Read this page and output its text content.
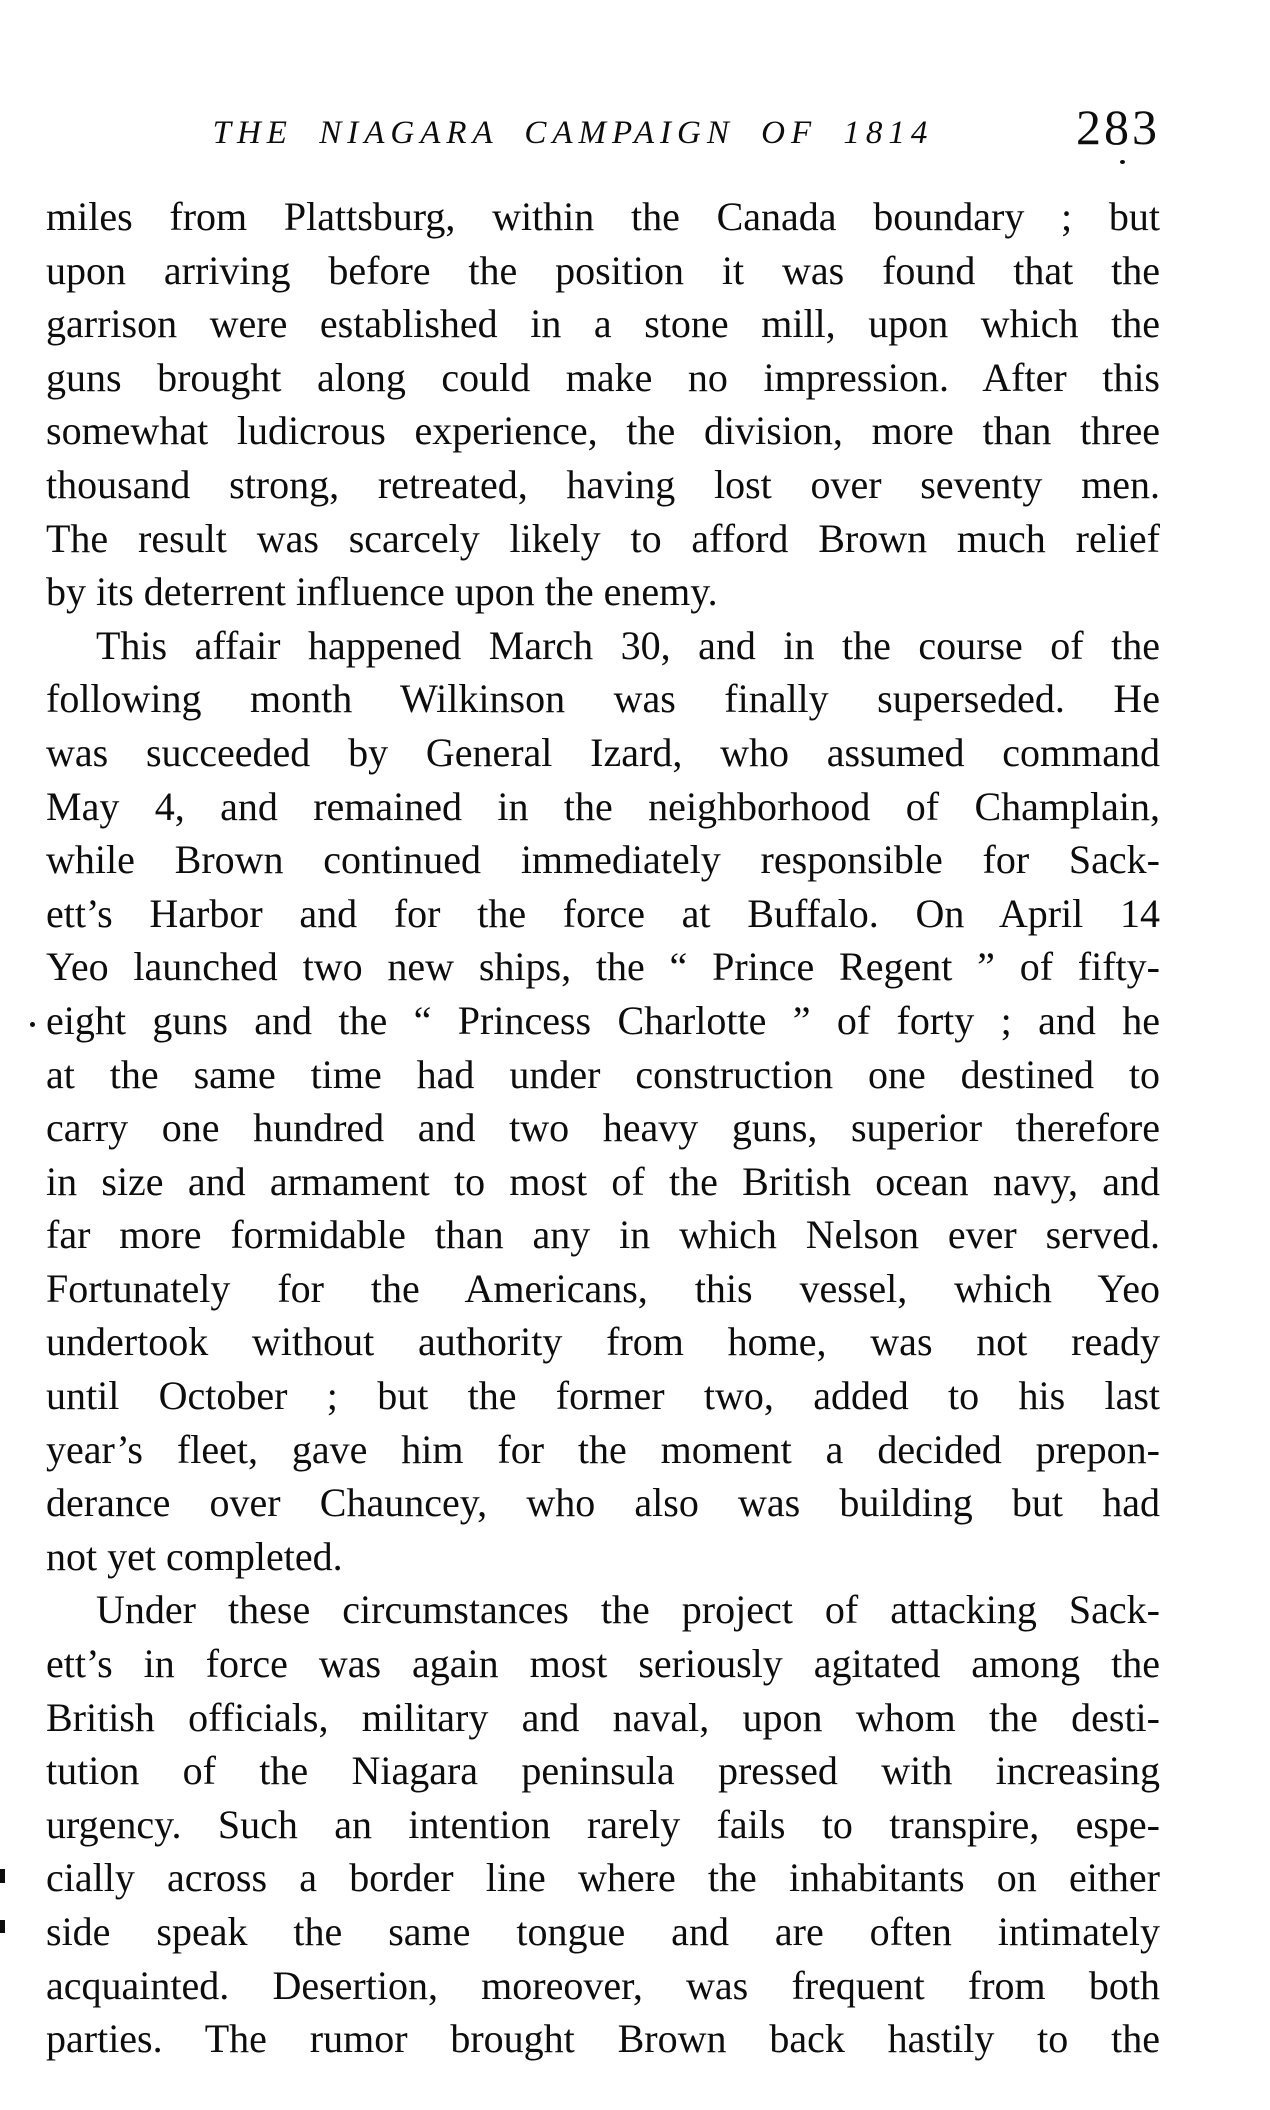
THE NIAGARA CAMPAIGN OF 1814	283
miles from Plattsburg, within the Canada boundary ; but
upon arriving before the position it was found that the
garrison were established in a stone mill, upon which the
guns brought along could make no impression. After this
somewhat ludicrous experience, the division, more than three
thousand strong, retreated, having lost over seventy men.
The result was scarcely likely to afford Brown much relief
by its deterrent influence upon the enemy.
This affair happened March 30, and in the course of the
following month Wilkinson was finally superseded. He
was succeeded by General Izard, who assumed command
May 4, and remained in the neighborhood of Champlain,
while Brown continued immediately responsible for Sack-
ett’s Harbor and for the force at Buffalo. On April 14
Yeo launched two new ships, the “ Prince Regent ” of fifty-
eight guns and the “ Princess Charlotte ” of forty ; and he
at the same time had under construction one destined to
carry one hundred and two heavy guns, superior therefore
in size and armament to most of the British ocean navy, and
far more formidable than any in which Nelson ever served.
Fortunately for the Americans, this vessel, which Yeo
undertook without authority from home, was not ready
until October ; but the former two, added to his last
year’s fleet, gave him for the moment a decided prepon-
derance over Chauncey, who also was building but had
not yet completed.
Under these circumstances the project of attacking Sack-
ett’s in force was again most seriously agitated among the
British officials, military and naval, upon whom the desti-
tution of the Niagara peninsula pressed with increasing
urgency. Such an intention rarely fails to transpire, espe-
cially across a border line where the inhabitants on either
side speak the same tongue and are often intimately
acquainted. Desertion, moreover, was frequent from both
parties. The rumor brought Brown back hastily to the
